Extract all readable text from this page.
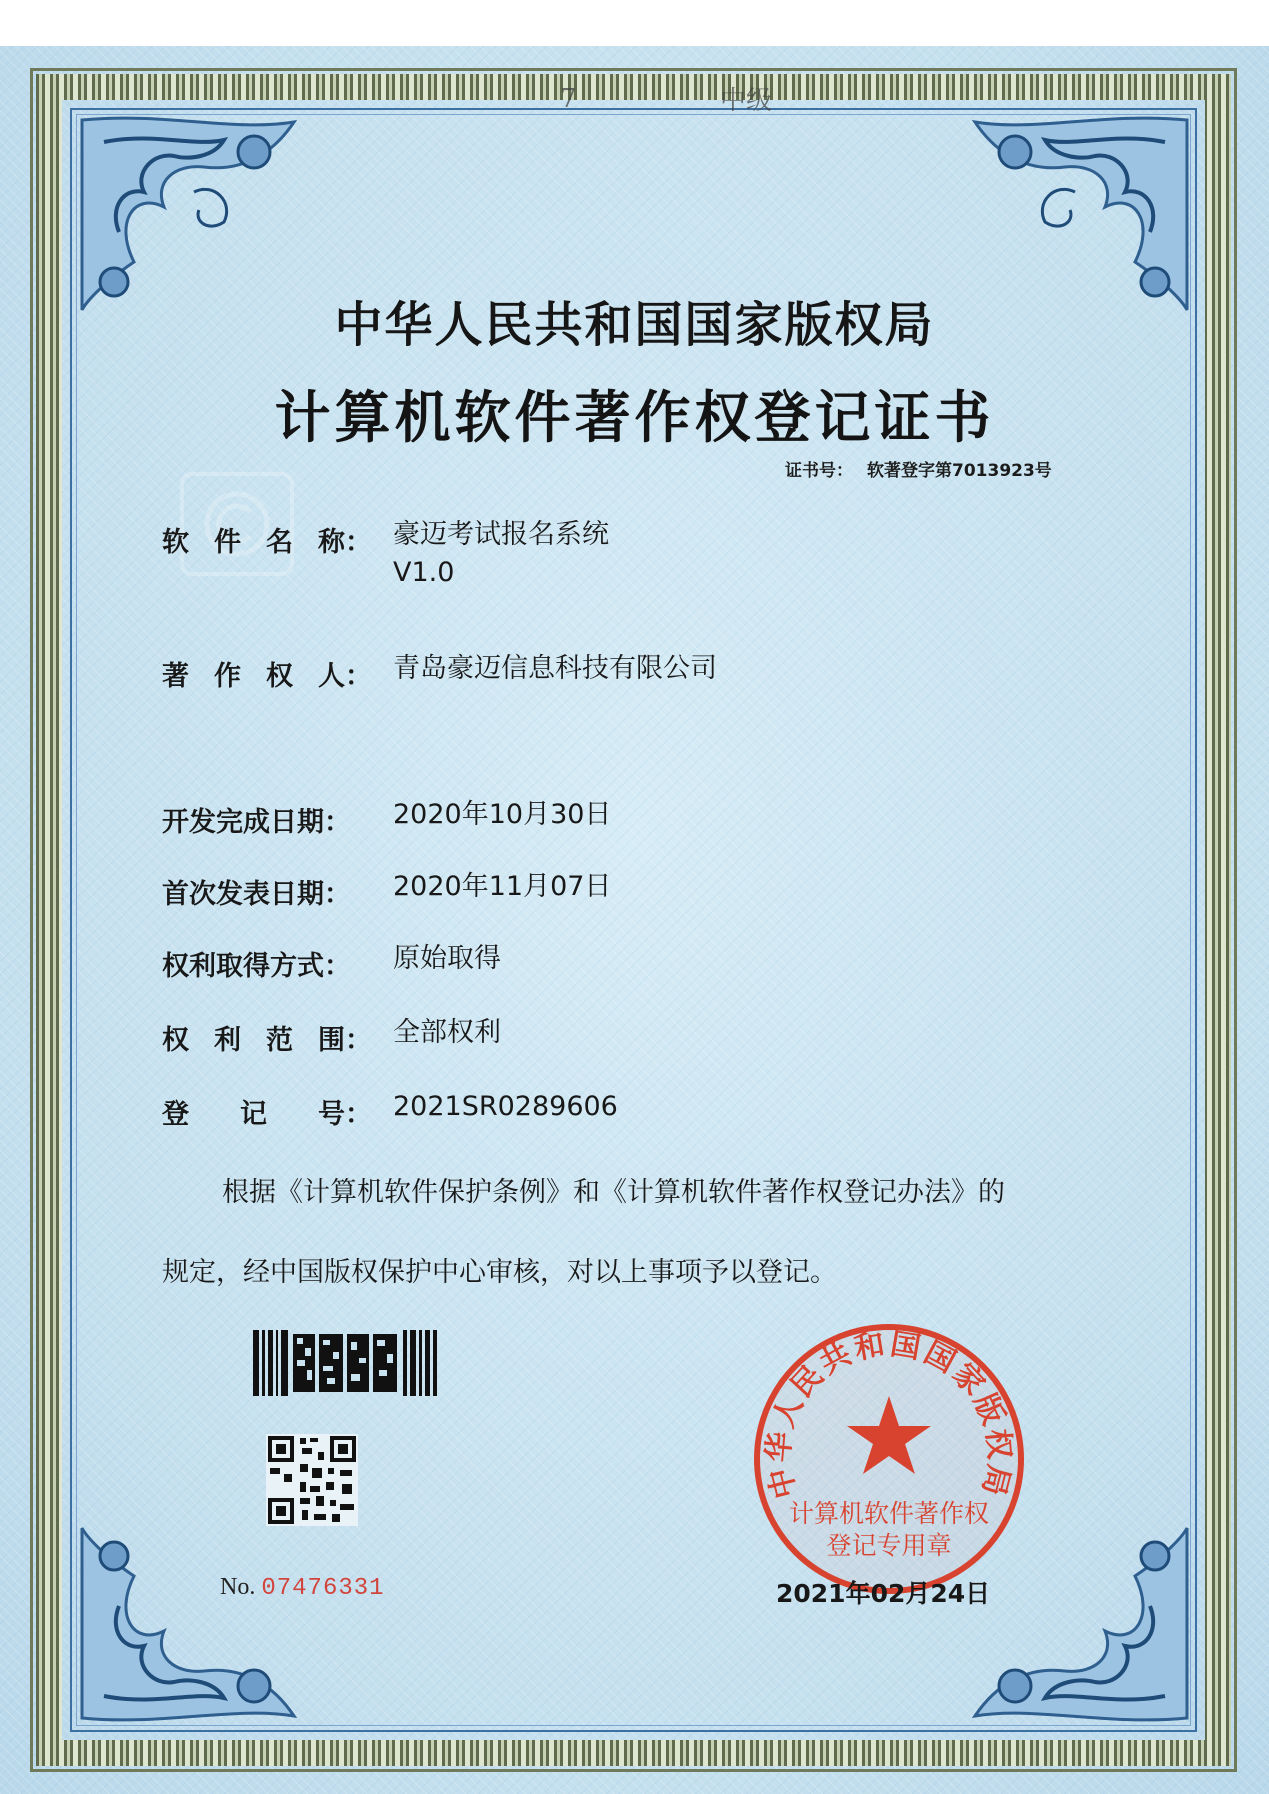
7	中级
中华人民共和国国家版权局
计算机软件著作权登记证书
证书号： 软著登字第7013923号
软 件 名 称： 豪迈考试报名系统
V1.0
著 作 权 人： 青岛豪迈信息科技有限公司
开发完成日期： 2020年10月30日
首次发表日期： 2020年11月07日
权利取得方式： 原始取得
权 利 范 围： 全部权利
登 记 号： 2021SR0289606
根据《计算机软件保护条例》和《计算机软件著作权登记办法》的
规定，经中国版权保护中心审核，对以上事项予以登记。
No. 07476331
中华人民共和国国家版权局
计算机软件著作权
登记专用章
2021年02月24日
